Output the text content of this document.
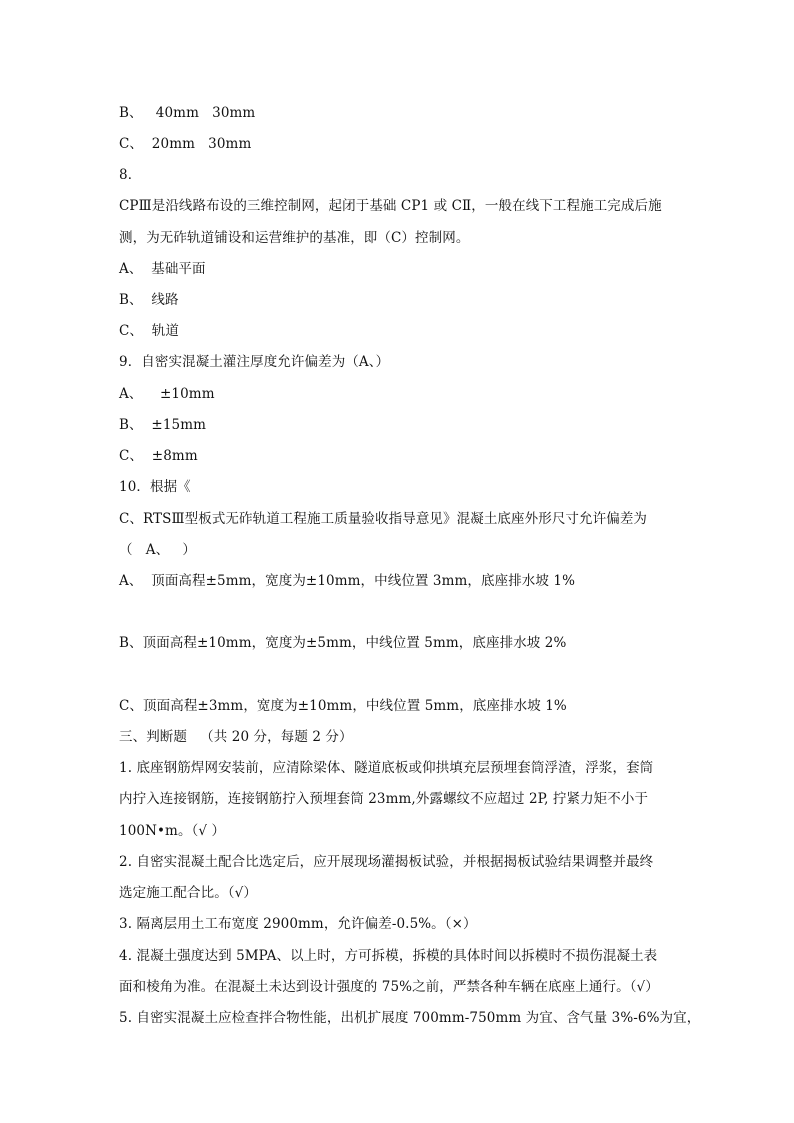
B、   40mm   30mm
C、  20mm   30mm
8．
CPⅢ是沿线路布设的三维控制网，起闭于基础 CP1 或 CⅡ，一般在线下工程施工完成后施
测，为无砟轨道铺设和运营维护的基准，即（C）控制网。
A、  基础平面
B、  线路
C、  轨道
9．自密实混凝土灌注厚度允许偏差为（A、）
A、    ±10mm
B、  ±15mm
C、  ±8mm
10．根据《
C、RTSⅢ型板式无砟轨道工程施工质量验收指导意见》混凝土底座外形尺寸允许偏差为
（   A、   ）
A、  顶面高程±5mm，宽度为±10mm，中线位置 3mm，底座排水坡 1%
B、顶面高程±10mm，宽度为±5mm，中线位置 5mm，底座排水坡 2%
C、顶面高程±3mm，宽度为±10mm，中线位置 5mm，底座排水坡 1%
三、判断题   （共 20 分，每题 2 分）
1. 底座钢筋焊网安装前，应清除梁体、隧道底板或仰拱填充层预埋套筒浮渣，浮浆，套筒
内拧入连接钢筋，连接钢筋拧入预埋套筒 23mm,外露螺纹不应超过 2P, 拧紧力矩不小于
100N•m。（√ ）
2. 自密实混凝土配合比选定后，应开展现场灌揭板试验，并根据揭板试验结果调整并最终
选定施工配合比。（√）
3. 隔离层用土工布宽度 2900mm，允许偏差-0.5%。（×）
4. 混凝土强度达到 5MPA、以上时，方可拆模，拆模的具体时间以拆模时不损伤混凝土表
面和棱角为准。在混凝土未达到设计强度的 75%之前，严禁各种车辆在底座上通行。（√）
5. 自密实混凝土应检查拌合物性能，出机扩展度 700mm-750mm 为宜、含气量 3%-6%为宜，
